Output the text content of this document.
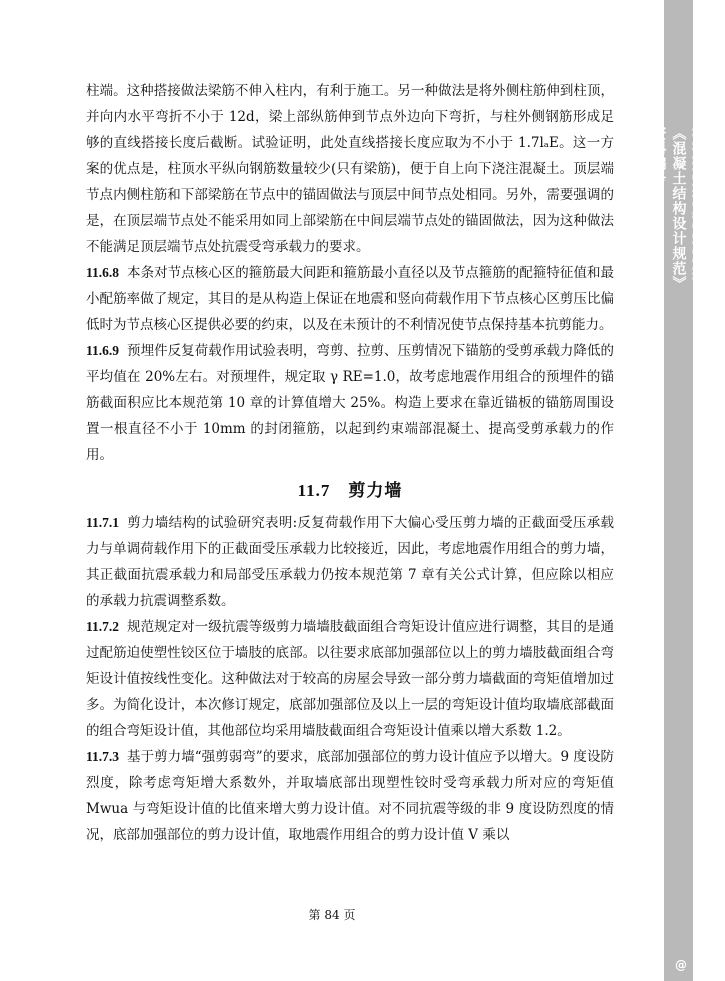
柱端。这种搭接做法梁筋不伸入柱内，有利于施工。另一种做法是将外侧柱筋伸到柱顶，并向内水平弯折不小于 12d，梁上部纵筋伸到节点外边向下弯折，与柱外侧钢筋形成足够的直线搭接长度后截断。试验证明，此处直线搭接长度应取为不小于 1.7lₐE。这一方案的优点是，柱顶水平纵向钢筋数量较少(只有梁筋)，便于自上向下浇注混凝土。顶层端节点内侧柱筋和下部梁筋在节点中的锚固做法与顶层中间节点处相同。另外，需要强调的是，在顶层端节点处不能采用如同上部梁筋在中间层端节点处的锚固做法，因为这种做法不能满足顶层端节点处抗震受弯承载力的要求。

11.6.8 本条对节点核心区的箍筋最大间距和箍筋最小直径以及节点箍筋的配箍特征值和最小配筋率做了规定，其目的是从构造上保证在地震和竖向荷载作用下节点核心区剪压比偏低时为节点核心区提供必要的约束，以及在未预计的不利情况使节点保持基本抗剪能力。

11.6.9 预埋件反复荷载作用试验表明，弯剪、拉剪、压剪情况下锚筋的受剪承载力降低的平均值在 20%左右。对预埋件，规定取 γ RE=1.0，故考虑地震作用组合的预埋件的锚筋截面积应比本规范第 10 章的计算值增大 25%。构造上要求在靠近锚板的锚筋周围设置一根直径不小于 10mm 的封闭箍筋，以起到约束端部混凝土、提高受剪承载力的作用。

11.7 剪力墙

11.7.1 剪力墙结构的试验研究表明:反复荷载作用下大偏心受压剪力墙的正截面受压承载力与单调荷载作用下的正截面受压承载力比较接近，因此，考虑地震作用组合的剪力墙，其正截面抗震承载力和局部受压承载力仍按本规范第 7 章有关公式计算，但应除以相应的承载力抗震调整系数。

11.7.2 规范规定对一级抗震等级剪力墙墙肢截面组合弯矩设计值应进行调整，其目的是通过配筋迫使塑性铰区位于墙肢的底部。以往要求底部加强部位以上的剪力墙肢截面组合弯矩设计值按线性变化。这种做法对于较高的房屋会导致一部分剪力墙截面的弯矩值增加过多。为简化设计，本次修订规定，底部加强部位及以上一层的弯矩设计值均取墙底部截面的组合弯矩设计值，其他部位均采用墙肢截面组合弯矩设计值乘以增大系数 1.2。

11.7.3 基于剪力墙“强剪弱弯”的要求，底部加强部位的剪力设计值应予以增大。9 度设防烈度，除考虑弯矩增大系数外，并取墙底部出现塑性铰时受弯承载力所对应的弯矩值 Mwua 与弯矩设计值的比值来增大剪力设计值。对不同抗震等级的非 9 度设防烈度的情况，底部加强部位的剪力设计值，取地震作用组合的剪力设计值 V 乘以

第 84 页
筑 龙 网
www.sinoaec.com
《混凝土结构设计规范》
资料编号：
GB 50010-2002
@
